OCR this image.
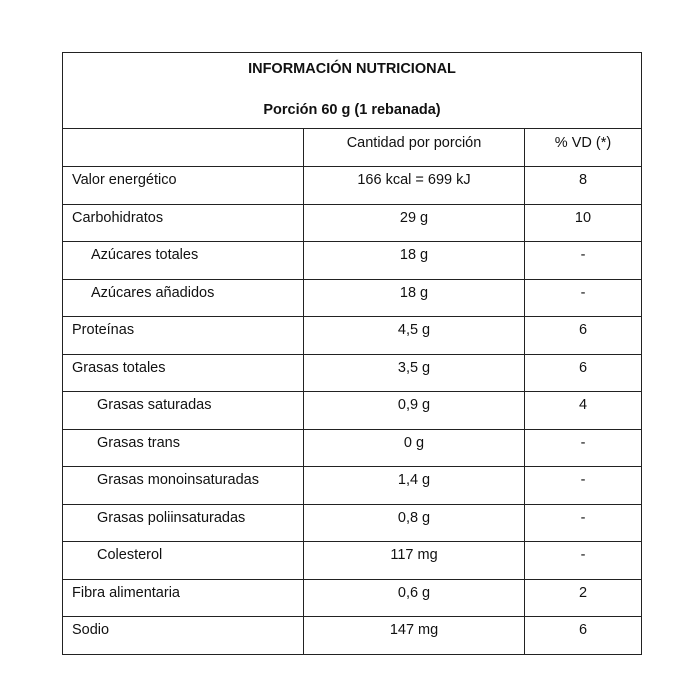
INFORMACIÓN NUTRICIONAL
Porción 60 g (1 rebanada)		

	Cantidad por porción	% VD (*)
Valor energético	166 kcal = 699 kJ	8
Carbohidratos	29 g	10
Azúcares totales	18 g	-
Azúcares añadidos	18 g	-
Proteínas	4,5 g	6
Grasas totales	3,5 g	6
Grasas saturadas	0,9 g	4
Grasas trans	0 g	-
Grasas monoinsaturadas	1,4 g	-
Grasas poliinsaturadas	0,8 g	-
Colesterol	117 mg	-
Fibra alimentaria	0,6 g	2
Sodio	147 mg	6
